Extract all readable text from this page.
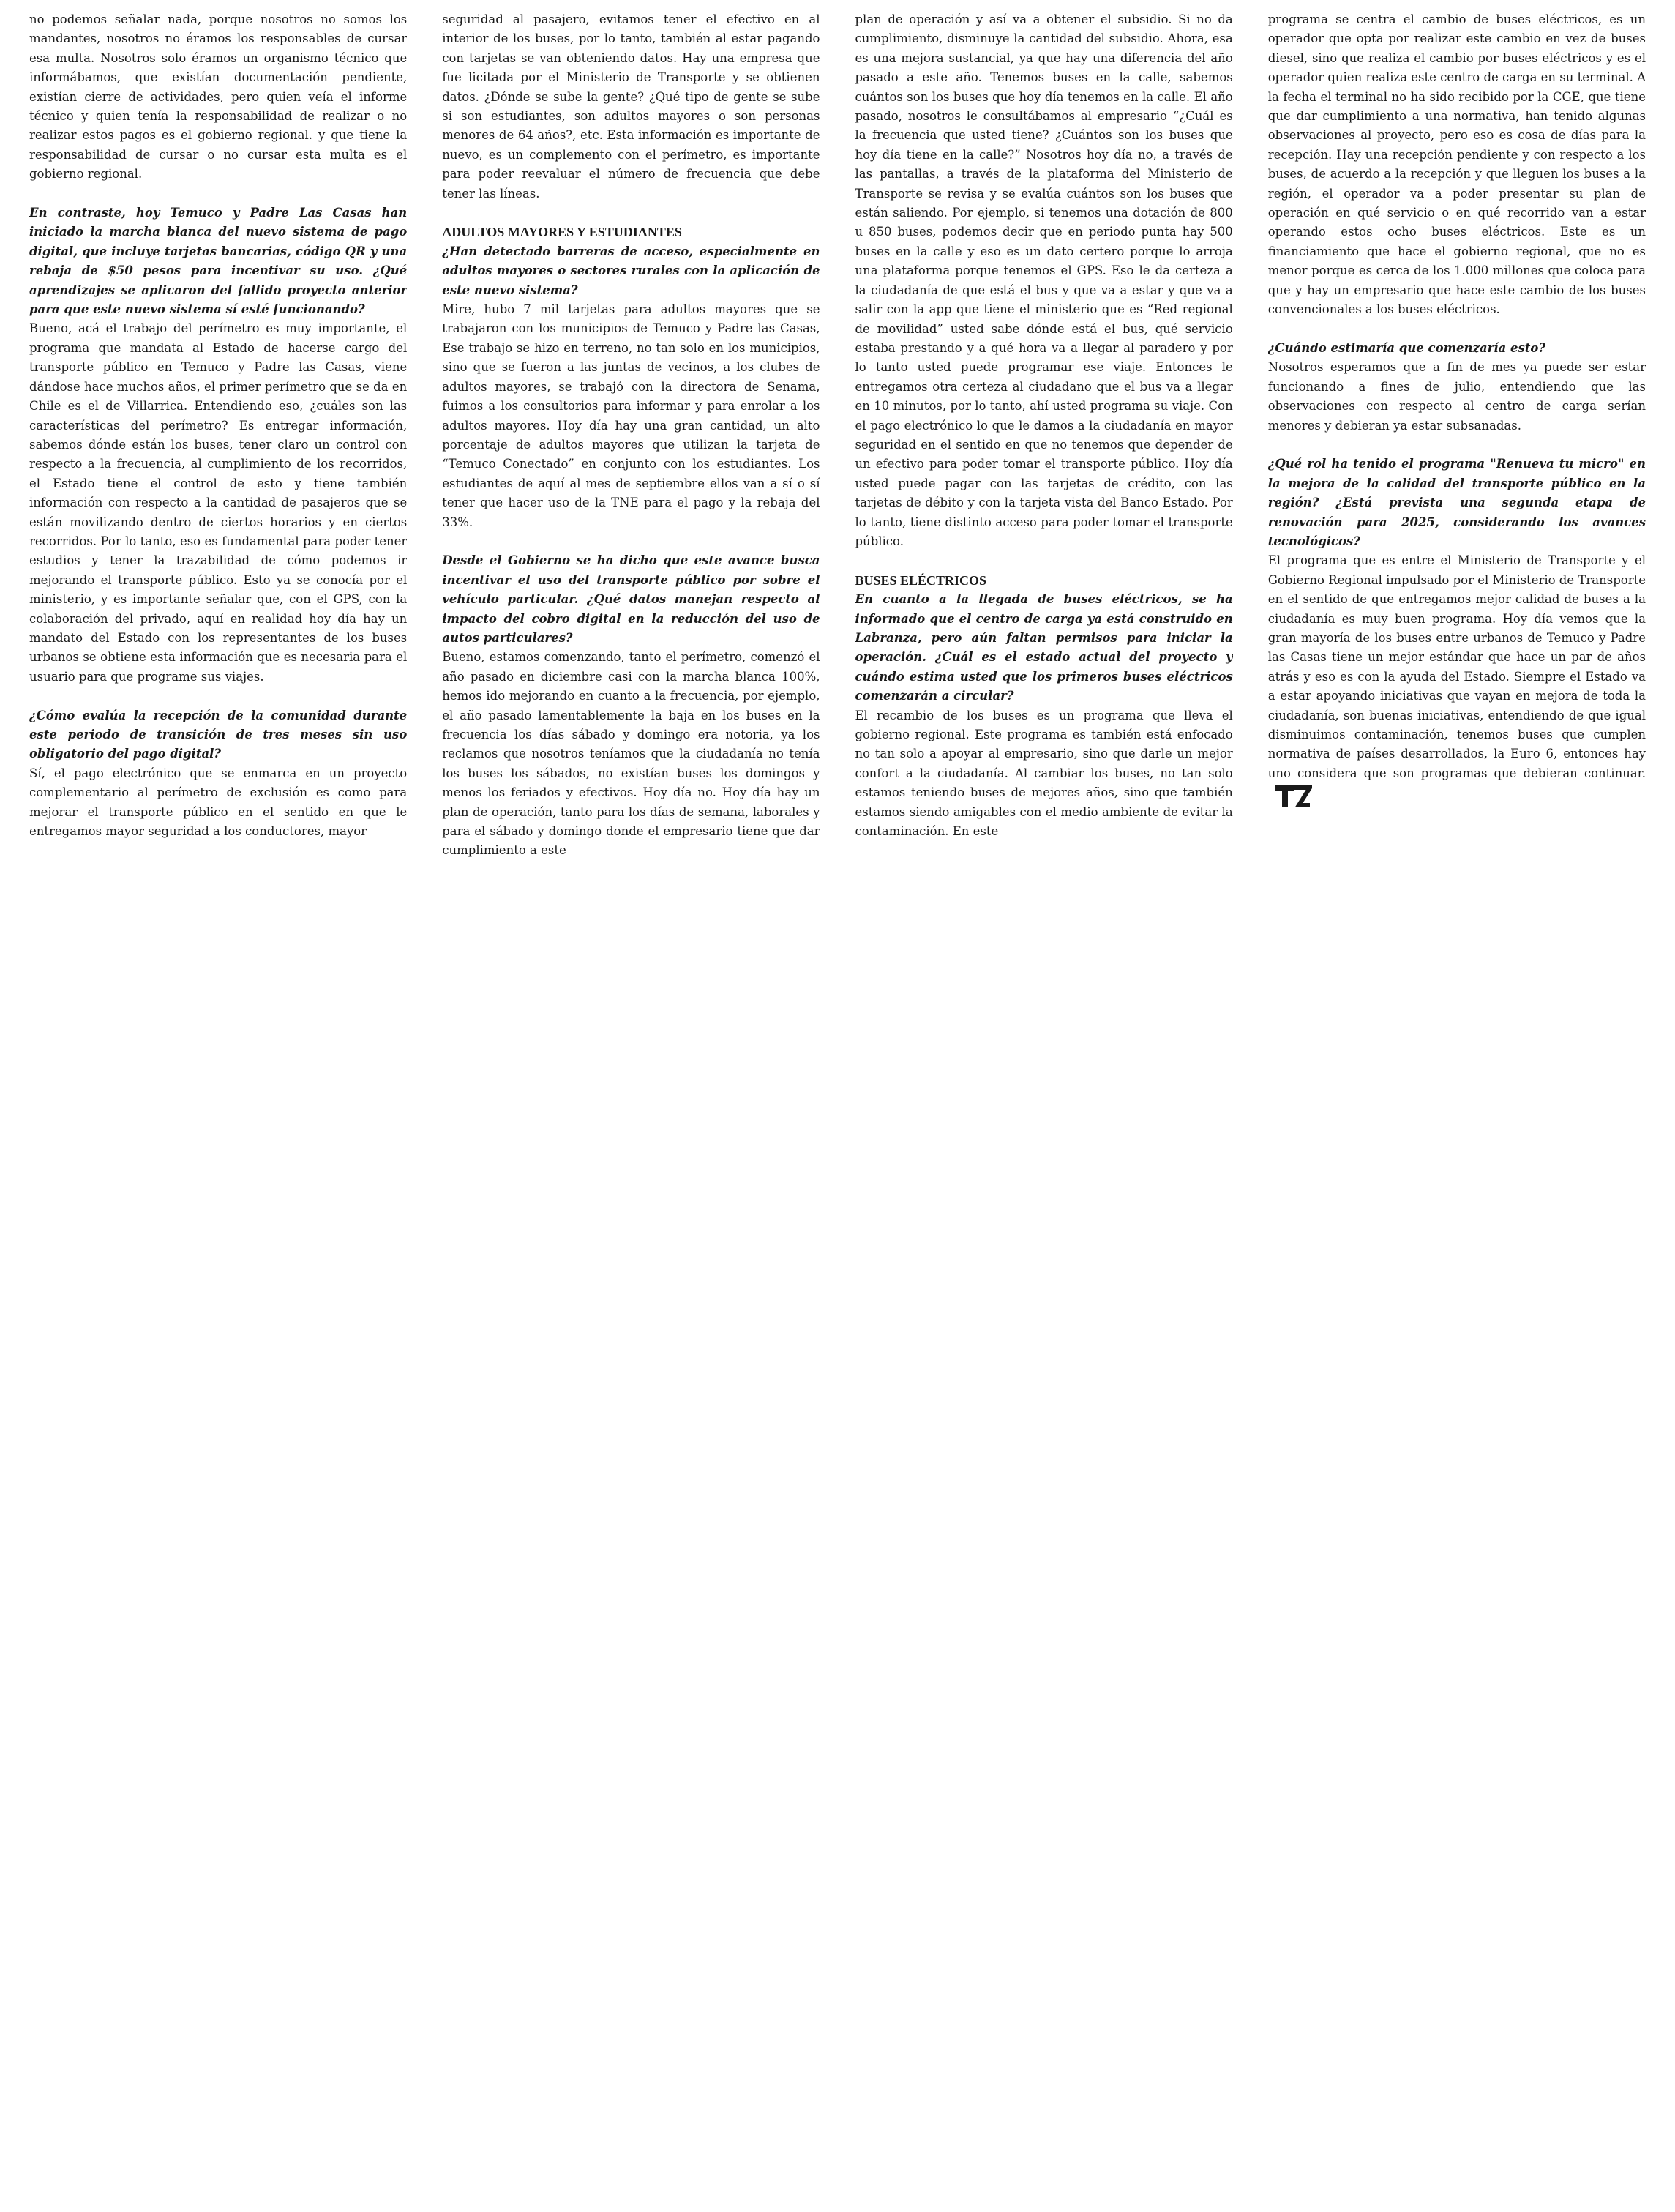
no podemos señalar nada, porque nosotros no somos los mandantes, nosotros no éramos los responsables de cursar esa multa. Nosotros solo éramos un organismo técnico que informábamos, que existían documentación pendiente, existían cierre de actividades, pero quien veía el informe técnico y quien tenía la responsabilidad de realizar o no realizar estos pagos es el gobierno regional. y que tiene la responsabilidad de cursar o no cursar esta multa es el gobierno regional.

En contraste, hoy Temuco y Padre Las Casas han iniciado la marcha blanca del nuevo sistema de pago digital, que incluye tarjetas bancarias, código QR y una rebaja de $50 pesos para incentivar su uso. ¿Qué aprendizajes se aplicaron del fallido proyecto anterior para que este nuevo sistema sí esté funcionando?

Bueno, acá el trabajo del perímetro es muy importante, el programa que mandata al Estado de hacerse cargo del transporte público en Temuco y Padre las Casas, viene dándose hace muchos años, el primer perímetro que se da en Chile es el de Villarrica. Entendiendo eso, ¿cuáles son las características del perímetro? Es entregar información, sabemos dónde están los buses, tener claro un control con respecto a la frecuencia, al cumplimiento de los recorridos, el Estado tiene el control de esto y tiene también información con respecto a la cantidad de pasajeros que se están movilizando dentro de ciertos horarios y en ciertos recorridos. Por lo tanto, eso es fundamental para poder tener estudios y tener la trazabilidad de cómo podemos ir mejorando el transporte público. Esto ya se conocía por el ministerio, y es importante señalar que, con el GPS, con la colaboración del privado, aquí en realidad hoy día hay un mandato del Estado con los representantes de los buses urbanos se obtiene esta información que es necesaria para el usuario para que programe sus viajes.

¿Cómo evalúa la recepción de la comunidad durante este periodo de transición de tres meses sin uso obligatorio del pago digital?

Sí, el pago electrónico que se enmarca en un proyecto complementario al perímetro de exclusión es como para mejorar el transporte público en el sentido en que le entregamos mayor seguridad a los conductores, mayor

seguridad al pasajero, evitamos tener el efectivo en al interior de los buses, por lo tanto, también al estar pagando con tarjetas se van obteniendo datos. Hay una empresa que fue licitada por el Ministerio de Transporte y se obtienen datos. ¿Dónde se sube la gente? ¿Qué tipo de gente se sube si son estudiantes, son adultos mayores o son personas menores de 64 años?, etc. Esta información es importante de nuevo, es un complemento con el perímetro, es importante para poder reevaluar el número de frecuencia que debe tener las líneas.

ADULTOS MAYORES Y ESTUDIANTES

¿Han detectado barreras de acceso, especialmente en adultos mayores o sectores rurales con la aplicación de este nuevo sistema?

Mire, hubo 7 mil tarjetas para adultos mayores que se trabajaron con los municipios de Temuco y Padre las Casas, Ese trabajo se hizo en terreno, no tan solo en los municipios, sino que se fueron a las juntas de vecinos, a los clubes de adultos mayores, se trabajó con la directora de Senama, fuimos a los consultorios para informar y para enrolar a los adultos mayores. Hoy día hay una gran cantidad, un alto porcentaje de adultos mayores que utilizan la tarjeta de “Temuco Conectado” en conjunto con los estudiantes. Los estudiantes de aquí al mes de septiembre ellos van a sí o sí tener que hacer uso de la TNE para el pago y la rebaja del 33%.

Desde el Gobierno se ha dicho que este avance busca incentivar el uso del transporte público por sobre el vehículo particular. ¿Qué datos manejan respecto al impacto del cobro digital en la reducción del uso de autos particulares?

Bueno, estamos comenzando, tanto el perímetro, comenzó el año pasado en diciembre casi con la marcha blanca 100%, hemos ido mejorando en cuanto a la frecuencia, por ejemplo, el año pasado lamentablemente la baja en los buses en la frecuencia los días sábado y domingo era notoria, ya los reclamos que nosotros teníamos que la ciudadanía no tenía los buses los sábados, no existían buses los domingos y menos los feriados y efectivos. Hoy día no. Hoy día hay un plan de operación, tanto para los días de semana, laborales y para el sábado y domingo donde el empresario tiene que dar cumplimiento a este

plan de operación y así va a obtener el subsidio. Si no da cumplimiento, disminuye la cantidad del subsidio. Ahora, esa es una mejora sustancial, ya que hay una diferencia del año pasado a este año. Tenemos buses en la calle, sabemos cuántos son los buses que hoy día tenemos en la calle. El año pasado, nosotros le consultábamos al empresario “¿Cuál es la frecuencia que usted tiene? ¿Cuántos son los buses que hoy día tiene en la calle?” Nosotros hoy día no, a través de las pantallas, a través de la plataforma del Ministerio de Transporte se revisa y se evalúa cuántos son los buses que están saliendo. Por ejemplo, si tenemos una dotación de 800 u 850 buses, podemos decir que en periodo punta hay 500 buses en la calle y eso es un dato certero porque lo arroja una plataforma porque tenemos el GPS. Eso le da certeza a la ciudadanía de que está el bus y que va a estar y que va a salir con la app que tiene el ministerio que es “Red regional de movilidad” usted sabe dónde está el bus, qué servicio estaba prestando y a qué hora va a llegar al paradero y por lo tanto usted puede programar ese viaje. Entonces le entregamos otra certeza al ciudadano que el bus va a llegar en 10 minutos, por lo tanto, ahí usted programa su viaje. Con el pago electrónico lo que le damos a la ciudadanía en mayor seguridad en el sentido en que no tenemos que depender de un efectivo para poder tomar el transporte público. Hoy día usted puede pagar con las tarjetas de crédito, con las tarjetas de débito y con la tarjeta vista del Banco Estado. Por lo tanto, tiene distinto acceso para poder tomar el transporte público.

BUSES ELÉCTRICOS

En cuanto a la llegada de buses eléctricos, se ha informado que el centro de carga ya está construido en Labranza, pero aún faltan permisos para iniciar la operación. ¿Cuál es el estado actual del proyecto y cuándo estima usted que los primeros buses eléctricos comenzarán a circular?

El recambio de los buses es un programa que lleva el gobierno regional. Este programa es también está enfocado no tan solo a apoyar al empresario, sino que darle un mejor confort a la ciudadanía. Al cambiar los buses, no tan solo estamos teniendo buses de mejores años, sino que también estamos siendo amigables con el medio ambiente de evitar la contaminación. En este

programa se centra el cambio de buses eléctricos, es un operador que opta por realizar este cambio en vez de buses diesel, sino que realiza el cambio por buses eléctricos y es el operador quien realiza este centro de carga en su terminal. A la fecha el terminal no ha sido recibido por la CGE, que tiene que dar cumplimiento a una normativa, han tenido algunas observaciones al proyecto, pero eso es cosa de días para la recepción. Hay una recepción pendiente y con respecto a los buses, de acuerdo a la recepción y que lleguen los buses a la región, el operador va a poder presentar su plan de operación en qué servicio o en qué recorrido van a estar operando estos ocho buses eléctricos. Este es un financiamiento que hace el gobierno regional, que no es menor porque es cerca de los 1.000 millones que coloca para que y hay un empresario que hace este cambio de los buses convencionales a los buses eléctricos.

¿Cuándo estimaría que comenzaría esto?

Nosotros esperamos que a fin de mes ya puede ser estar funcionando a fines de julio, entendiendo que las observaciones con respecto al centro de carga serían menores y debieran ya estar subsanadas.

¿Qué rol ha tenido el programa "Renueva tu micro" en la mejora de la calidad del transporte público en la región? ¿Está prevista una segunda etapa de renovación para 2025, considerando los avances tecnológicos?

El programa que es entre el Ministerio de Transporte y el Gobierno Regional impulsado por el Ministerio de Transporte en el sentido de que entregamos mejor calidad de buses a la ciudadanía es muy buen programa. Hoy día vemos que la gran mayoría de los buses entre urbanos de Temuco y Padre las Casas tiene un mejor estándar que hace un par de años atrás y eso es con la ayuda del Estado. Siempre el Estado va a estar apoyando iniciativas que vayan en mejora de toda la ciudadanía, son buenas iniciativas, entendiendo de que igual disminuimos contaminación, tenemos buses que cumplen normativa de países desarrollados, la Euro 6, entonces hay uno considera que son programas que debieran continuar.
